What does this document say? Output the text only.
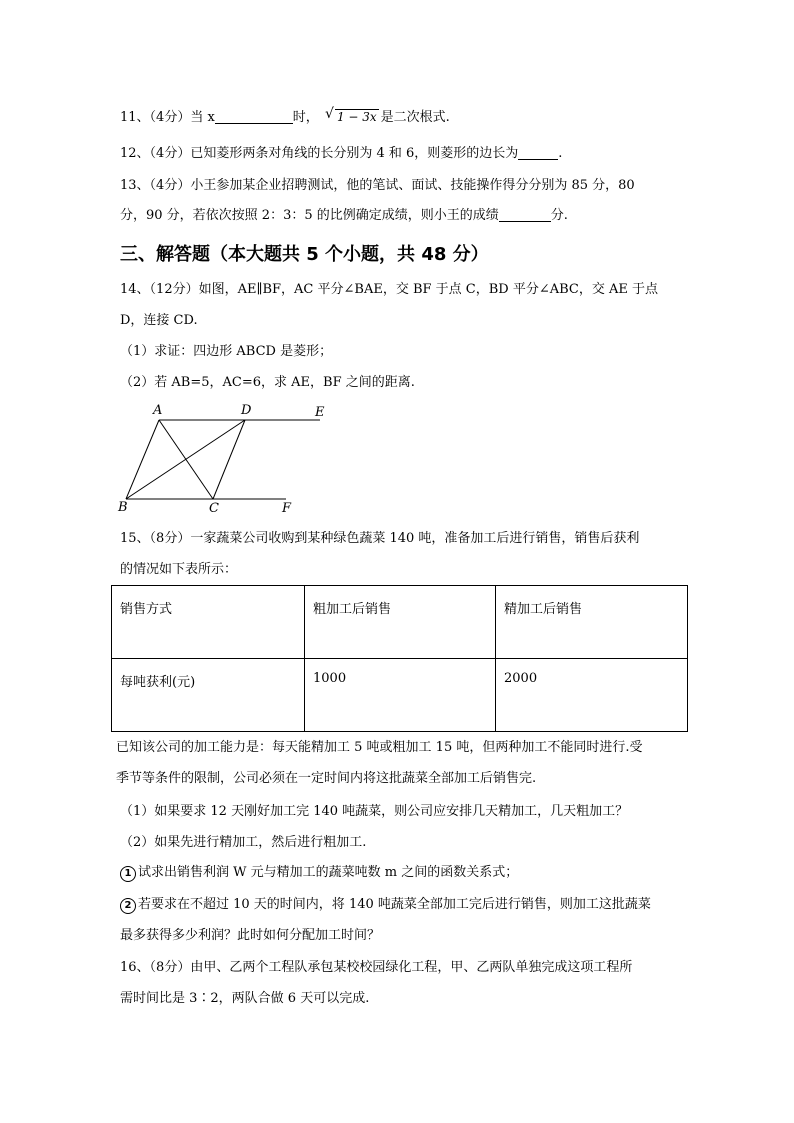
11、（4分）当 x	时， √ 1 − 3x 是二次根式.
12、（4分）已知菱形两条对角线的长分别为 4 和 6，则菱形的边长为	.
13、（4分）小王参加某企业招聘测试，他的笔试、面试、技能操作得分分别为 85 分，80
分，90 分，若依次按照 2：3：5 的比例确定成绩，则小王的成绩	分.
三、解答题（本大题共 5 个小题，共 48 分）
14、（12分）如图，AE∥BF，AC 平分∠BAE，交 BF 于点 C，BD 平分∠ABC，交 AE 于点
D，连接 CD.
（1）求证：四边形 ABCD 是菱形；
（2）若 AB=5，AC=6，求 AE，BF 之间的距离.
A	D	E
B	C	F
15、（8分）一家蔬菜公司收购到某种绿色蔬菜 140 吨，准备加工后进行销售，销售后获利
的情况如下表所示：
销售方式	粗加工后销售	精加工后销售
每吨获利(元)	1000	2000
已知该公司的加工能力是：每天能精加工 5 吨或粗加工 15 吨，但两种加工不能同时进行.受
季节等条件的限制，公司必须在一定时间内将这批蔬菜全部加工后销售完.
（1）如果要求 12 天刚好加工完 140 吨蔬菜，则公司应安排几天精加工，几天粗加工？
（2）如果先进行精加工，然后进行粗加工.
1 试求出销售利润 W 元与精加工的蔬菜吨数 m 之间的函数关系式；
2 若要求在不超过 10 天的时间内，将 140 吨蔬菜全部加工完后进行销售，则加工这批蔬菜
最多获得多少利润？此时如何分配加工时间？
16、（8分）由甲、乙两个工程队承包某校校园绿化工程，甲、乙两队单独完成这项工程所
需时间比是 3∶2，两队合做 6 天可以完成.
